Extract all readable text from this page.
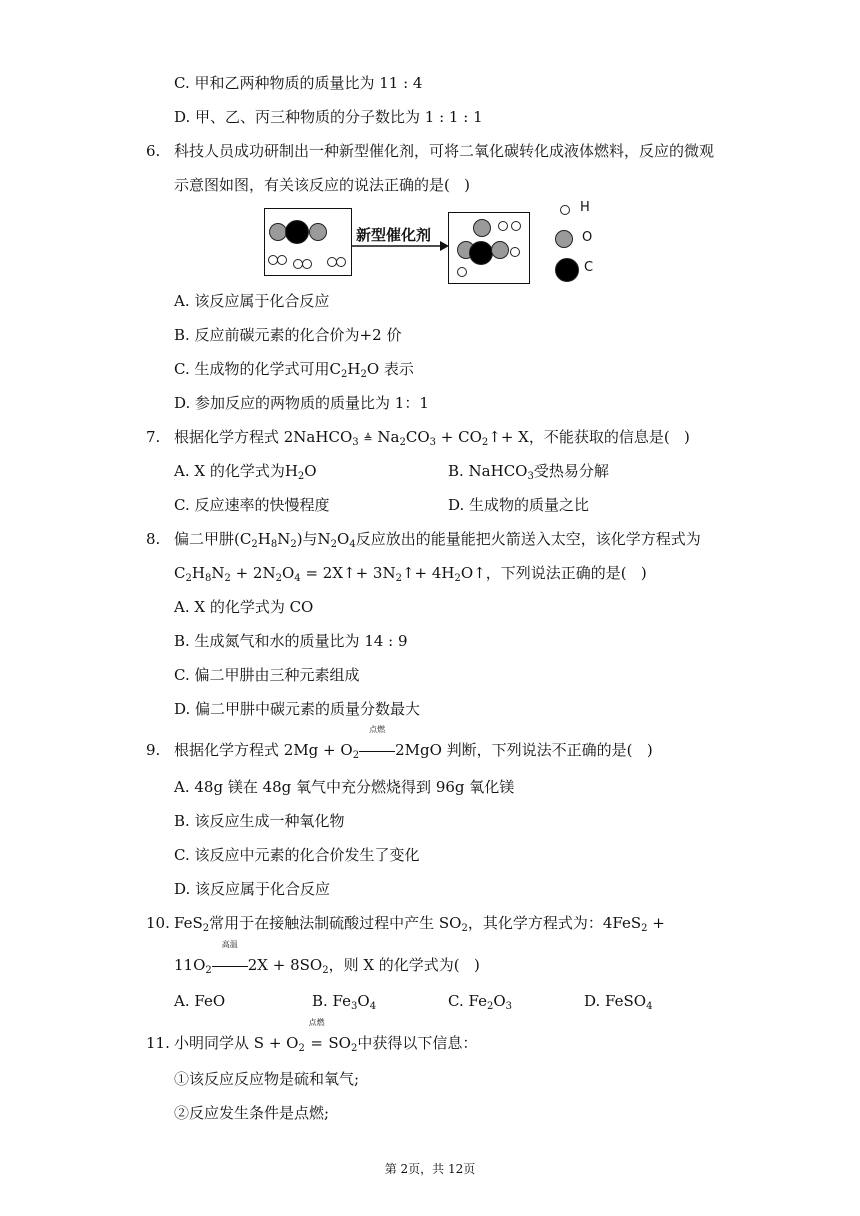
C. 甲和乙两种物质的质量比为 11 : 4
D. 甲、乙、丙三种物质的分子数比为 1 : 1 : 1
6. 科技人员成功研制出一种新型催化剂，可将二氧化碳转化成液体燃料，反应的微观
示意图如图，有关该反应的说法正确的是(   )
新型催化剂
H
O
C
A. 该反应属于化合反应
B. 反应前碳元素的化合价为+2 价
C. 生成物的化学式可用$C_2H_2O$ 表示
D. 参加反应的两物质的质量比为 1：1
7. 根据化学方程式 2NaHCO$_3$ ≜ $Na_2CO_3$ + $CO_2↑+ X$，不能获取的信息是(   )
A. X 的化学式为$H_2O$	B. NaHCO$_3$受热易分解
C. 反应速率的快慢程度	D. 生成物的质量之比
8. 偏二甲肼$(C_2H_8N_2)$与$N_2O_4$反应放出的能量能把火箭送入太空，该化学方程式为
$C_2H_8N_2 + 2N_2O_4$ = 2X↑+ $3N_2↑+$ $4H_2O↑$，下列说法正确的是(   )
A. X 的化学式为 CO
B. 生成氮气和水的质量比为 14 : 9
C. 偏二甲肼由三种元素组成
D. 偏二甲肼中碳元素的质量分数最大
9. 根据化学方程式 $2Mg + O_2$
点燃
2MgO 判断，下列说法不正确的是(   )
A. 48g 镁在 48g 氧气中充分燃烧得到 96g 氧化镁
B. 该反应生成一种氧化物
C. 该反应中元素的化合价发生了变化
D. 该反应属于化合反应
10. FeS$_2$常用于在接触法制硫酸过程中产生 $SO_2$，其化学方程式为：4FeS$_2$ +
$11O_2$
高温
$2X + 8SO_2$，则 X 的化学式为(   )
A. FeO	B. $Fe_3O_4$	C. $Fe_2O_3$	D. FeSO$_4$
11. 小明同学从 $S + O_2$
点燃
= $SO_2$中获得以下信息：
①该反应反应物是硫和氧气;
②反应发生条件是点燃;
第 2页，共 12页
